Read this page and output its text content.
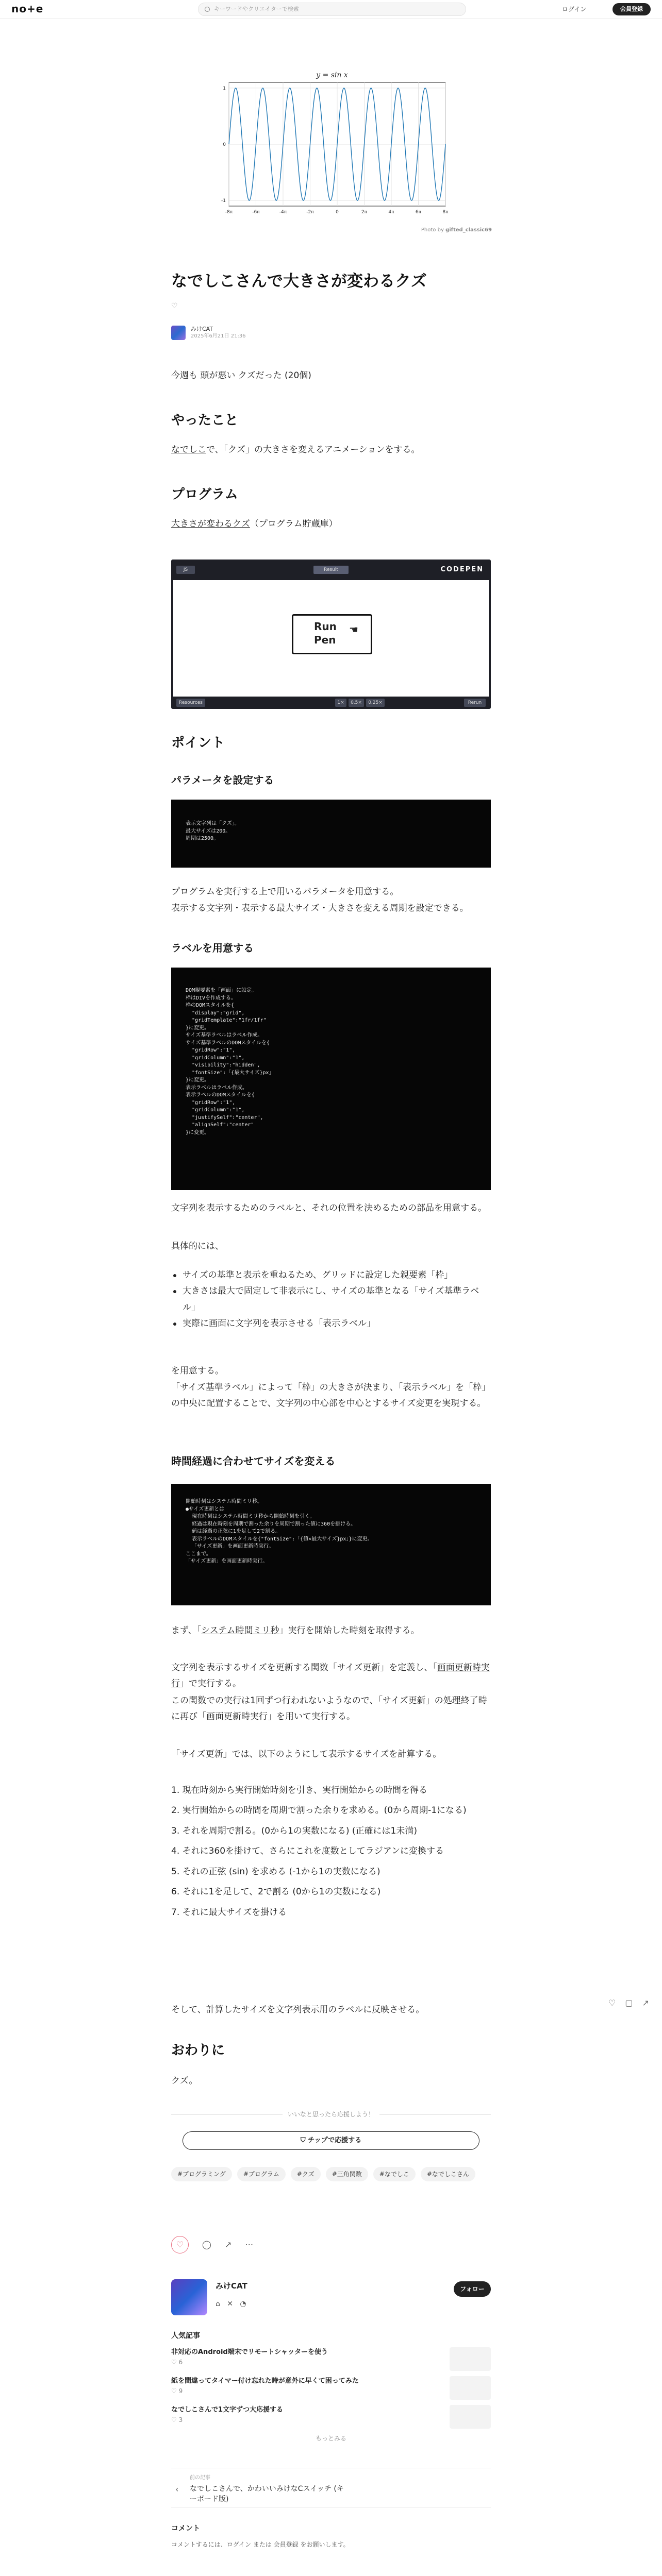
no+e	キーワードやクリエイターで検索	ログイン	会員登録
y = sin x
-8π	-6π	-4π	-2π	0	2π	4π	6π	8π
1
0
-1
Photo by gifted_classic69
なでしこさんで大きさが変わるクズ
♡
みけCAT
2025年6月21日 21:36
今週も 頭が悪い クズだった (20個)
やったこと
なでしこで、「クズ」の大きさを変えるアニメーションをする。
プログラム
大きさが変わるクズ（プログラム貯蔵庫）
JS	Result	CODEPEN
Run
Pen
☚
Resources	1×	0.5×	0.25×	Rerun
ポイント
パラメータを設定する
表示文字列は「クズ」。
最大サイズは200。
周期は2500。
プログラムを実行する上で用いるパラメータを用意する。
表示する文字列・表示する最大サイズ・大きさを変える周期を設定できる。
ラベルを用意する
DOM親要素を「画面」に設定。
枠はDIVを作成する。
枠のDOMスタイルを{
"display":"grid",
"gridTemplate":"1fr/1fr"
}に変更。
サイズ基準ラベルはラベル作成。
サイズ基準ラベルのDOMスタイルを{
"gridRow":"1",
"gridColumn":"1",
"visibility":"hidden",
"fontSize":「{最大サイズ}px」
}に変更。
表示ラベルはラベル作成。
表示ラベルのDOMスタイルを{
"gridRow":"1",
"gridColumn":"1",
"justifySelf":"center",
"alignSelf":"center"
}に変更。
文字列を表示するためのラベルと、それの位置を決めるための部品を用意する。
具体的には、
サイズの基準と表示を重ねるため、グリッドに設定した親要素「枠」
大きさは最大で固定して非表示にし、サイズの基準となる「サイズ基準ラベル」
実際に画面に文字列を表示させる「表示ラベル」
を用意する。
「サイズ基準ラベル」によって「枠」の大きさが決まり、「表示ラベル」を「枠」の中央に配置することで、文字列の中心部を中心とするサイズ変更を実現する。
時間経過に合わせてサイズを変える
開始時刻はシステム時間ミリ秒。
●サイズ更新とは
現在時刻はシステム時間ミリ秒から開始時刻を引く。
経過は現在時刻を周期で割った余りを周期で割った値に360を掛ける。
値は経過の正弦に1を足して2で割る。
表示ラベルのDOMスタイルを{"fontSize":「{値×最大サイズ}px」}に変更。
「サイズ更新」を画面更新時実行。
ここまで。
「サイズ更新」を画面更新時実行。
まず、「システム時間ミリ秒」実行を開始した時刻を取得する。
文字列を表示するサイズを更新する関数「サイズ更新」を定義し、「画面更新時実行」で実行する。
この関数での実行は1回ずつ行われないようなので、「サイズ更新」の処理終了時に再び「画面更新時実行」を用いて実行する。
「サイズ更新」では、以下のようにして表示するサイズを計算する。
1. 現在時刻から実行開始時刻を引き、実行開始からの時間を得る
2. 実行開始からの時間を周期で割った余りを求める。(0から周期-1になる)
3. それを周期で割る。(0から1の実数になる) (正確には1未満)
4. それに360を掛けて、さらにこれを度数としてラジアンに変換する
5. それの正弦 (sin) を求める (-1から1の実数になる)
6. それに1を足して、2で割る (0から1の実数になる)
7. それに最大サイズを掛ける
そして、計算したサイズを文字列表示用のラベルに反映させる。
♡ ▢ ↗
おわりに
クズ。
いいなと思ったら応援しよう！
⛉ チップで応援する
#プログラミング	#プログラム	#クズ	#三角関数	#なでしこ	#なでしこさん
♡	◯ ↗ ⋯
みけCAT
⌂ ✕ ◔
フォロー
人気記事
非対応のAndroid端末でリモートシャッターを使う
♡ 6
紙を間違ってタイマー付け忘れた時が意外に早くて困ってみた
♡ 9
なでしこさんで1文字ずつ大応援する
♡ 3
もっとみる
‹
前の記事
なでしこさんで、かわいいみけなCスイッチ (キーボード版)
コメント
コメントするには、ログイン または 会員登録 をお願いします。
